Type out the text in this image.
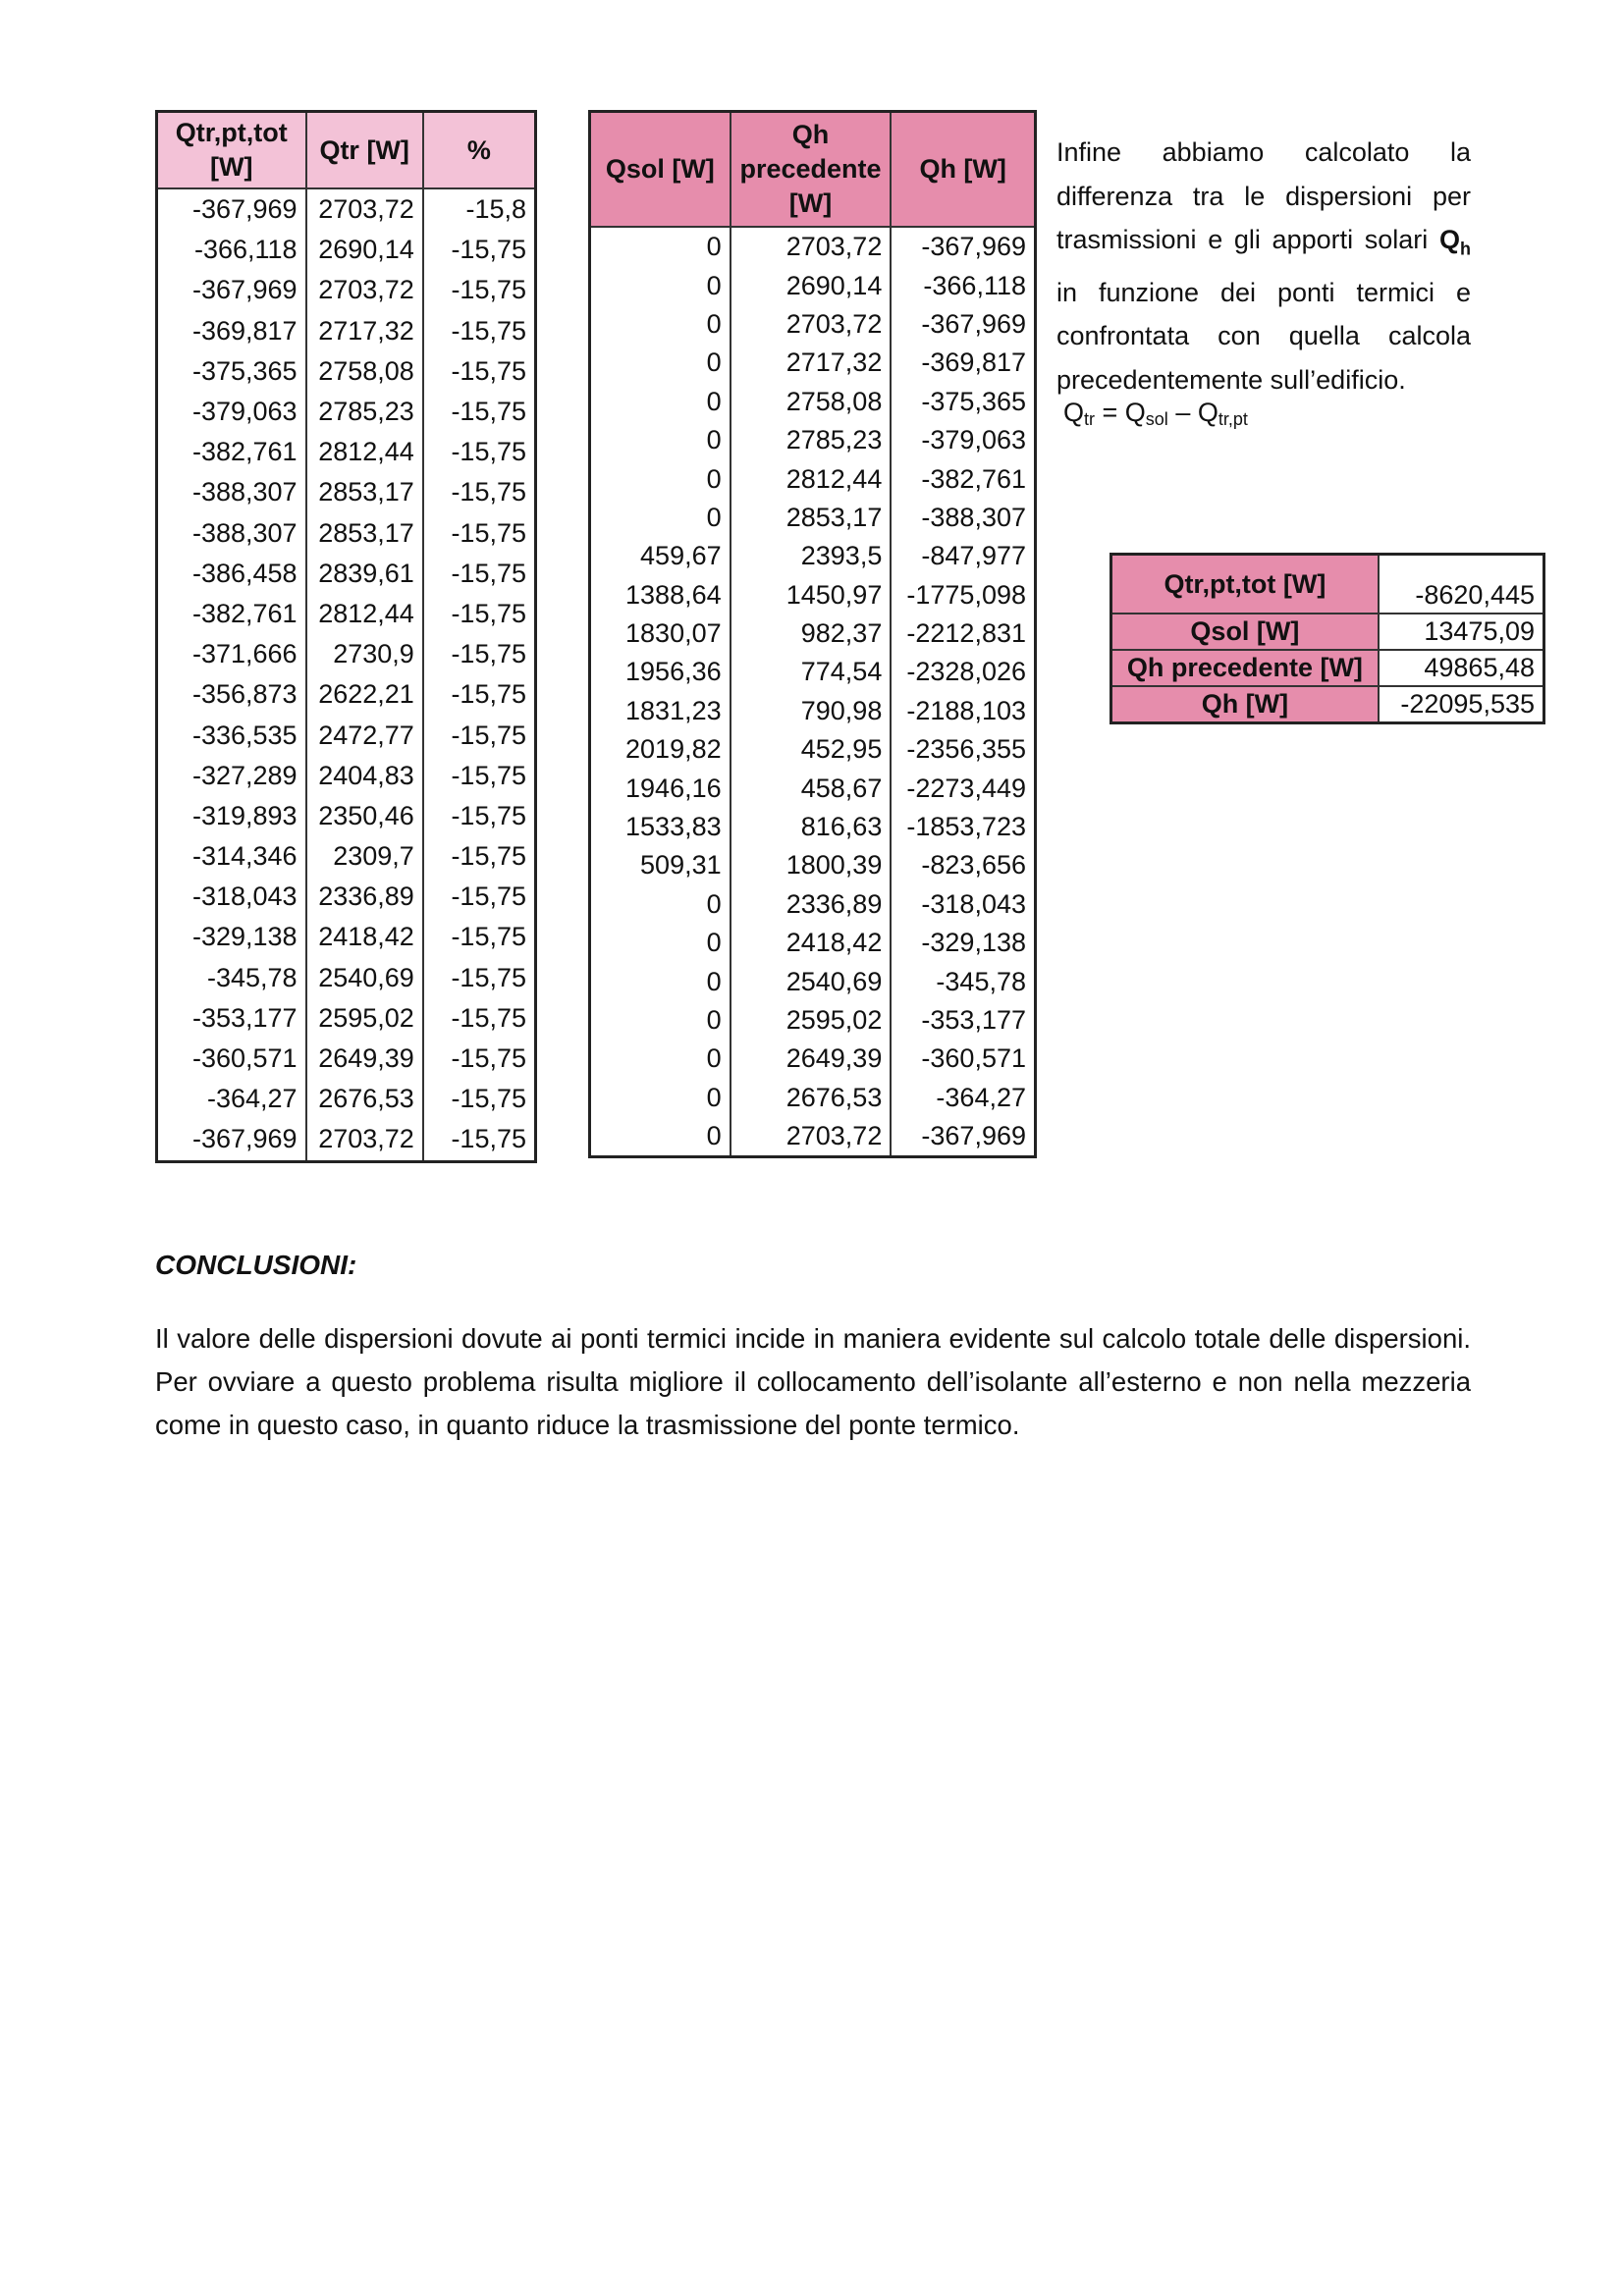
Qtr,pt,tot [W]	Qtr [W]	%
-367,969	2703,72	-15,8
-366,118	2690,14	-15,75
-367,969	2703,72	-15,75
-369,817	2717,32	-15,75
-375,365	2758,08	-15,75
-379,063	2785,23	-15,75
-382,761	2812,44	-15,75
-388,307	2853,17	-15,75
-388,307	2853,17	-15,75
-386,458	2839,61	-15,75
-382,761	2812,44	-15,75
-371,666	2730,9	-15,75
-356,873	2622,21	-15,75
-336,535	2472,77	-15,75
-327,289	2404,83	-15,75
-319,893	2350,46	-15,75
-314,346	2309,7	-15,75
-318,043	2336,89	-15,75
-329,138	2418,42	-15,75
-345,78	2540,69	-15,75
-353,177	2595,02	-15,75
-360,571	2649,39	-15,75
-364,27	2676,53	-15,75
-367,969	2703,72	-15,75
Qsol [W]	Qh precedente [W]	Qh [W]
0	2703,72	-367,969
0	2690,14	-366,118
0	2703,72	-367,969
0	2717,32	-369,817
0	2758,08	-375,365
0	2785,23	-379,063
0	2812,44	-382,761
0	2853,17	-388,307
459,67	2393,5	-847,977
1388,64	1450,97	-1775,098
1830,07	982,37	-2212,831
1956,36	774,54	-2328,026
1831,23	790,98	-2188,103
2019,82	452,95	-2356,355
1946,16	458,67	-2273,449
1533,83	816,63	-1853,723
509,31	1800,39	-823,656
0	2336,89	-318,043
0	2418,42	-329,138
0	2540,69	-345,78
0	2595,02	-353,177
0	2649,39	-360,571
0	2676,53	-364,27
0	2703,72	-367,969
Infine abbiamo calcolato la differenza tra le dispersioni per trasmissioni e gli apporti solari $Q_h$ in funzione dei ponti termici e confrontata con quella calcola precedentemente sull’edificio.
$Q_{tr} = Q_{sol} - Q_{tr,pt}$
Qtr,pt,tot [W]	-8620,445
Qsol [W]	13475,09
Qh precedente [W]	49865,48
Qh [W]	-22095,535
CONCLUSIONI:
Il valore delle dispersioni dovute ai ponti termici incide in maniera evidente sul calcolo totale delle dispersioni. Per ovviare a questo problema risulta migliore il collocamento dell’isolante all’esterno e non nella mezzeria come in questo caso, in quanto riduce la trasmissione del ponte termico.
